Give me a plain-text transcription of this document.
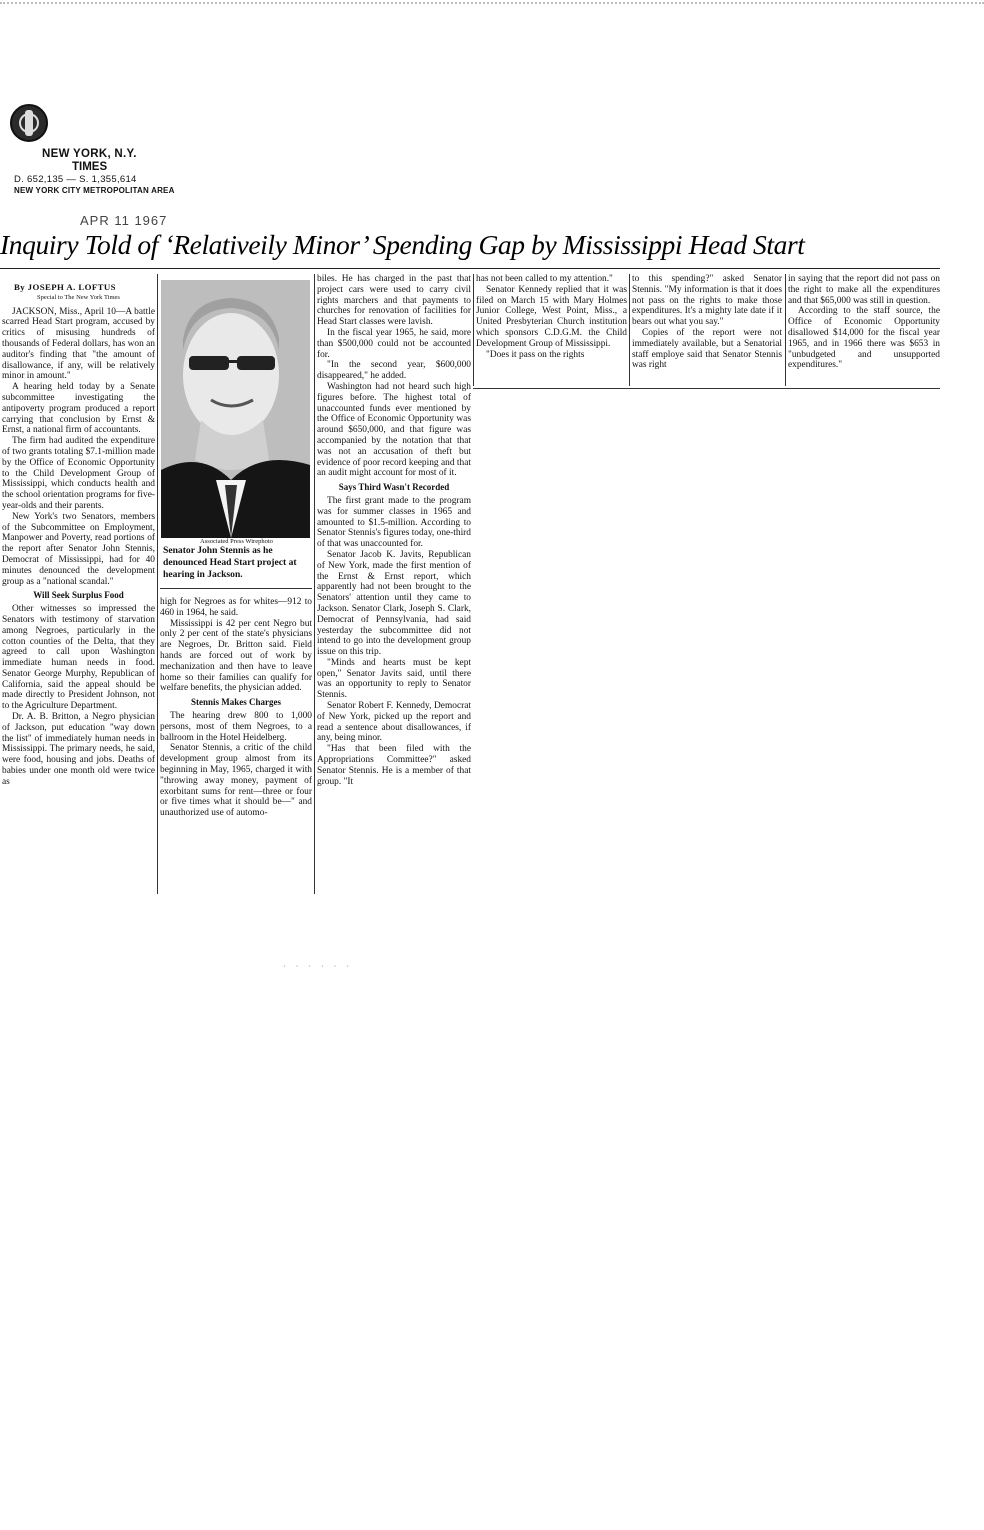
NEW YORK, N.Y.
TIMES
D. 652,135 — S. 1,355,614
NEW YORK CITY METROPOLITAN AREA
APR 11 1967
Inquiry Told of ‘Relativeily Minor’ Spending Gap by Mississippi Head Start

By JOSEPH A. LOFTUS

Special to The New York Times

JACKSON, Miss., April 10—A battle scarred Head Start program, accused by critics of misusing hundreds of thousands of Federal dollars, has won an auditor's finding that "the amount of disallowance, if any, will be relatively minor in amount."

A hearing held today by a Senate subcommittee investigating the antipoverty program produced a report carrying that conclusion by Ernst & Ernst, a national firm of accountants.

The firm had audited the expenditure of two grants totaling $7.1-million made by the Office of Economic Opportunity to the Child Development Group of Mississippi, which conducts health and the school orientation programs for five-year-olds and their parents.

New York's two Senators, members of the Subcommittee on Employment, Manpower and Poverty, read portions of the report after Senator John Stennis, Democrat of Mississippi, had for 40 minutes denounced the development group as a "national scandal."

Will Seek Surplus Food

Other witnesses so impressed the Senators with testimony of starvation among Negroes, particularly in the cotton counties of the Delta, that they agreed to call upon Washington immediate human needs in food. Senator George Murphy, Republican of California, said the appeal should be made directly to President Johnson, not to the Agriculture Department.

Dr. A. B. Britton, a Negro physician of Jackson, put education "way down the list" of immediately human needs in Mississippi. The primary needs, he said, were food, housing and jobs. Deaths of babies under one month old were twice as

Associated Press Wirephoto
Senator John Stennis as he denounced Head Start project at hearing in Jackson.

high for Negroes as for whites—912 to 460 in 1964, he said.

Mississippi is 42 per cent Negro but only 2 per cent of the state's physicians are Negroes, Dr. Britton said. Field hands are forced out of work by mechanization and then have to leave home so their families can qualify for welfare benefits, the physician added.

Stennis Makes Charges

The hearing drew 800 to 1,000 persons, most of them Negroes, to a ballroom in the Hotel Heidelberg.

Senator Stennis, a critic of the child development group almost from its beginning in May, 1965, charged it with "throwing away money, payment of exorbitant sums for rent—three or four or five times what it should be—" and unauthorized use of automo-

biles. He has charged in the past that project cars were used to carry civil rights marchers and that payments to churches for renovation of facilities for Head Start classes were lavish.

In the fiscal year 1965, he said, more than $500,000 could not be accounted for.

"In the second year, $600,000 disappeared," he added.

Washington had not heard such high figures before. The highest total of unaccounted funds ever mentioned by the Office of Economic Opportunity was around $650,000, and that figure was accompanied by the notation that that was not an accusation of theft but evidence of poor record keeping and that an audit might account for most of it.

Says Third Wasn't Recorded

The first grant made to the program was for summer classes in 1965 and amounted to $1.5-million. According to Senator Stennis's figures today, one-third of that was unaccounted for.

Senator Jacob K. Javits, Republican of New York, made the first mention of the Ernst & Ernst report, which apparently had not been brought to the Senators' attention until they came to Jackson. Senator Clark, Joseph S. Clark, Democrat of Pennsylvania, had said yesterday the subcommittee did not intend to go into the development group issue on this trip.

"Minds and hearts must be kept open," Senator Javits said, until there was an opportunity to reply to Senator Stennis.

Senator Robert F. Kennedy, Democrat of New York, picked up the report and read a sentence about disallowances, if any, being minor.

"Has that been filed with the Appropriations Committee?" asked Senator Stennis. He is a member of that group. "It

has not been called to my attention."

Senator Kennedy replied that it was filed on March 15 with Mary Holmes Junior College, West Point, Miss., a United Presbyterian Church institution which sponsors C.D.G.M. the Child Development Group of Mississippi.

"Does it pass on the rights

to this spending?" asked Senator Stennis. "My information is that it does not pass on the rights to make those expenditures. It's a mighty late date if it bears out what you say."

Copies of the report were not immediately available, but a Senatorial staff employe said that Senator Stennis was right

in saying that the report did not pass on the right to make all the expenditures and that $65,000 was still in question.

According to the staff source, the Office of Economic Opportunity disallowed $14,000 for the fiscal year 1965, and in 1966 there was $653 in "unbudgeted and unsupported expenditures."

· · · · · ·
